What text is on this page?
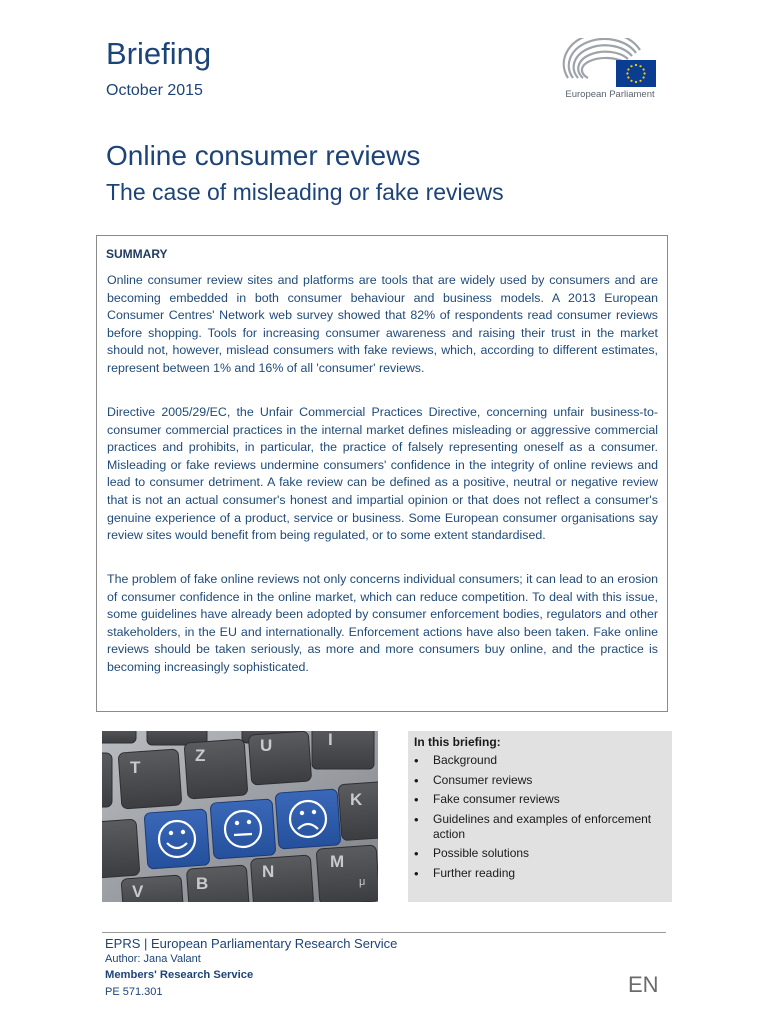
Briefing
October 2015	European Parliament
Online consumer reviews
The case of misleading or fake reviews
SUMMARY

Online consumer review sites and platforms are tools that are widely used by consumers and are becoming embedded in both consumer behaviour and business models. A 2013 European Consumer Centres' Network web survey showed that 82% of respondents read consumer reviews before shopping. Tools for increasing consumer awareness and raising their trust in the market should not, however, mislead consumers with fake reviews, which, according to different estimates, represent between 1% and 16% of all 'consumer' reviews.

Directive 2005/29/EC, the Unfair Commercial Practices Directive, concerning unfair business-to-consumer commercial practices in the internal market defines misleading or aggressive commercial practices and prohibits, in particular, the practice of falsely representing oneself as a consumer. Misleading or fake reviews undermine consumers' confidence in the integrity of online reviews and lead to consumer detriment. A fake review can be defined as a positive, neutral or negative review that is not an actual consumer's honest and impartial opinion or that does not reflect a consumer's genuine experience of a product, service or business. Some European consumer organisations say review sites would benefit from being regulated, or to some extent standardised.

The problem of fake online reviews not only concerns individual consumers; it can lead to an erosion of consumer confidence in the online market, which can reduce competition. To deal with this issue, some guidelines have already been adopted by consumer enforcement bodies, regulators and other stakeholders, in the EU and internationally. Enforcement actions have also been taken. Fake online reviews should be taken seriously, as more and more consumers buy online, and the practice is becoming increasingly sophisticated.

T
Z
U	I
K
V	B
N
M
μ
In this briefing:
• Background
• Consumer reviews
• Fake consumer reviews
• Guidelines and examples of enforcement action
• Possible solutions
• Further reading
EPRS | European Parliamentary Research Service
Author: Jana Valant
Members' Research Service
PE 571.301	EN
